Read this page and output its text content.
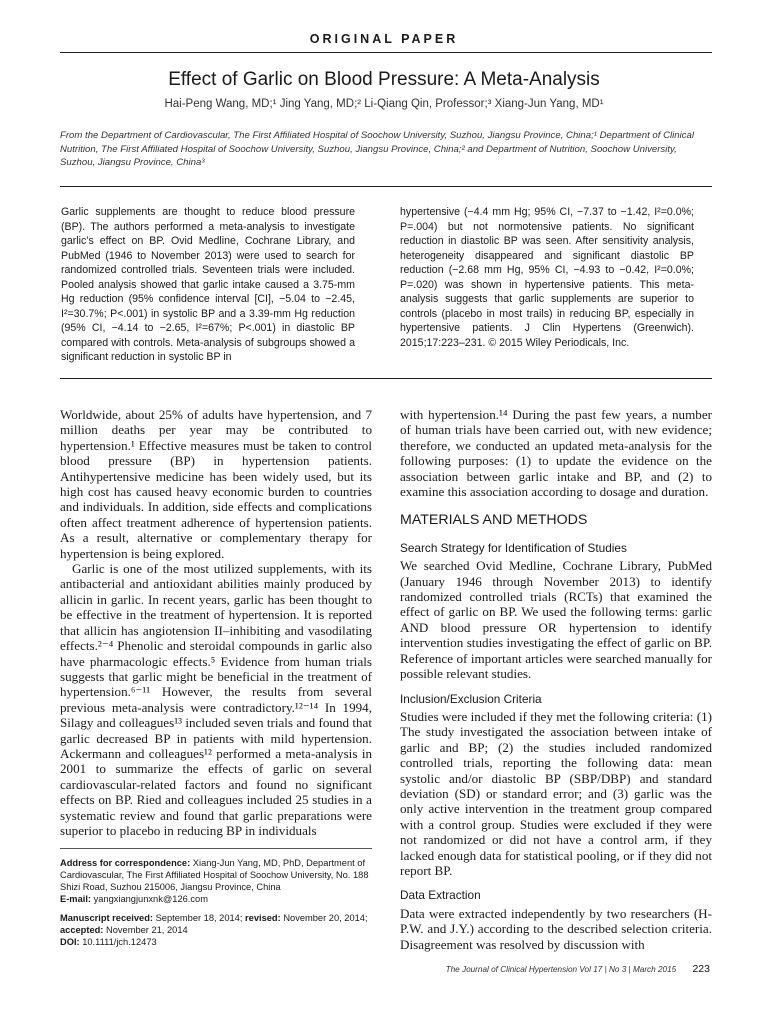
ORIGINAL PAPER
Effect of Garlic on Blood Pressure: A Meta-Analysis
Hai-Peng Wang, MD;¹ Jing Yang, MD;² Li-Qiang Qin, Professor;³ Xiang-Jun Yang, MD¹
From the Department of Cardiovascular, The First Affiliated Hospital of Soochow University, Suzhou, Jiangsu Province, China;¹ Department of Clinical Nutrition, The First Affiliated Hospital of Soochow University, Suzhou, Jiangsu Province, China;² and Department of Nutrition, Soochow University, Suzhou, Jiangsu Province, China³

Garlic supplements are thought to reduce blood pressure (BP). The authors performed a meta-analysis to investigate garlic’s effect on BP. Ovid Medline, Cochrane Library, and PubMed (1946 to November 2013) were used to search for randomized controlled trials. Seventeen trials were included. Pooled analysis showed that garlic intake caused a 3.75-mm Hg reduction (95% confidence interval [CI], −5.04 to −2.45, I²=30.7%; P<.001) in systolic BP and a 3.39-mm Hg reduction (95% CI, −4.14 to −2.65, I²=67%; P<.001) in diastolic BP compared with controls. Meta-analysis of subgroups showed a significant reduction in systolic BP in

hypertensive (−4.4 mm Hg; 95% CI, −7.37 to −1.42, I²=0.0%; P=.004) but not normotensive patients. No significant reduction in diastolic BP was seen. After sensitivity analysis, heterogeneity disappeared and significant diastolic BP reduction (−2.68 mm Hg, 95% CI, −4.93 to −0.42, I²=0.0%; P=.020) was shown in hypertensive patients. This meta-analysis suggests that garlic supplements are superior to controls (placebo in most trails) in reducing BP, especially in hypertensive patients. J Clin Hypertens (Greenwich). 2015;17:223–231. © 2015 Wiley Periodicals, Inc.

Worldwide, about 25% of adults have hypertension, and 7 million deaths per year may be contributed to hypertension.¹ Effective measures must be taken to control blood pressure (BP) in hypertension patients. Antihypertensive medicine has been widely used, but its high cost has caused heavy economic burden to countries and individuals. In addition, side effects and complications often affect treatment adherence of hypertension patients. As a result, alternative or complementary therapy for hypertension is being explored.

Garlic is one of the most utilized supplements, with its antibacterial and antioxidant abilities mainly produced by allicin in garlic. In recent years, garlic has been thought to be effective in the treatment of hypertension. It is reported that allicin has angiotension II–inhibiting and vasodilating effects.²⁻⁴ Phenolic and steroidal compounds in garlic also have pharmacologic effects.⁵ Evidence from human trials suggests that garlic might be beneficial in the treatment of hypertension.⁶⁻¹¹ However, the results from several previous meta-analysis were contradictory.¹²⁻¹⁴ In 1994, Silagy and colleagues¹³ included seven trials and found that garlic decreased BP in patients with mild hypertension. Ackermann and colleagues¹² performed a meta-analysis in 2001 to summarize the effects of garlic on several cardiovascular-related factors and found no significant effects on BP. Ried and colleagues included 25 studies in a systematic review and found that garlic preparations were superior to placebo in reducing BP in individuals

Address for correspondence: Xiang-Jun Yang, MD, PhD, Department of Cardiovascular, The First Affiliated Hospital of Soochow University, No. 188 Shizi Road, Suzhou 215006, Jiangsu Province, China
E-mail: yangxiangjunxnk@126.com

Manuscript received: September 18, 2014; revised: November 20, 2014; accepted: November 21, 2014
DOI: 10.1111/jch.12473

with hypertension.¹⁴ During the past few years, a number of human trials have been carried out, with new evidence; therefore, we conducted an updated meta-analysis for the following purposes: (1) to update the evidence on the association between garlic intake and BP, and (2) to examine this association according to dosage and duration.

MATERIALS AND METHODS
Search Strategy for Identification of Studies

We searched Ovid Medline, Cochrane Library, PubMed (January 1946 through November 2013) to identify randomized controlled trials (RCTs) that examined the effect of garlic on BP. We used the following terms: garlic AND blood pressure OR hypertension to identify intervention studies investigating the effect of garlic on BP. Reference of important articles were searched manually for possible relevant studies.

Inclusion/Exclusion Criteria

Studies were included if they met the following criteria: (1) The study investigated the association between intake of garlic and BP; (2) the studies included randomized controlled trials, reporting the following data: mean systolic and/or diastolic BP (SBP/DBP) and standard deviation (SD) or standard error; and (3) garlic was the only active intervention in the treatment group compared with a control group. Studies were excluded if they were not randomized or did not have a control arm, if they lacked enough data for statistical pooling, or if they did not report BP.

Data Extraction

Data were extracted independently by two researchers (H-P.W. and J.Y.) according to the described selection criteria. Disagreement was resolved by discussion with

The Journal of Clinical Hypertension Vol 17 | No 3 | March 2015 223
